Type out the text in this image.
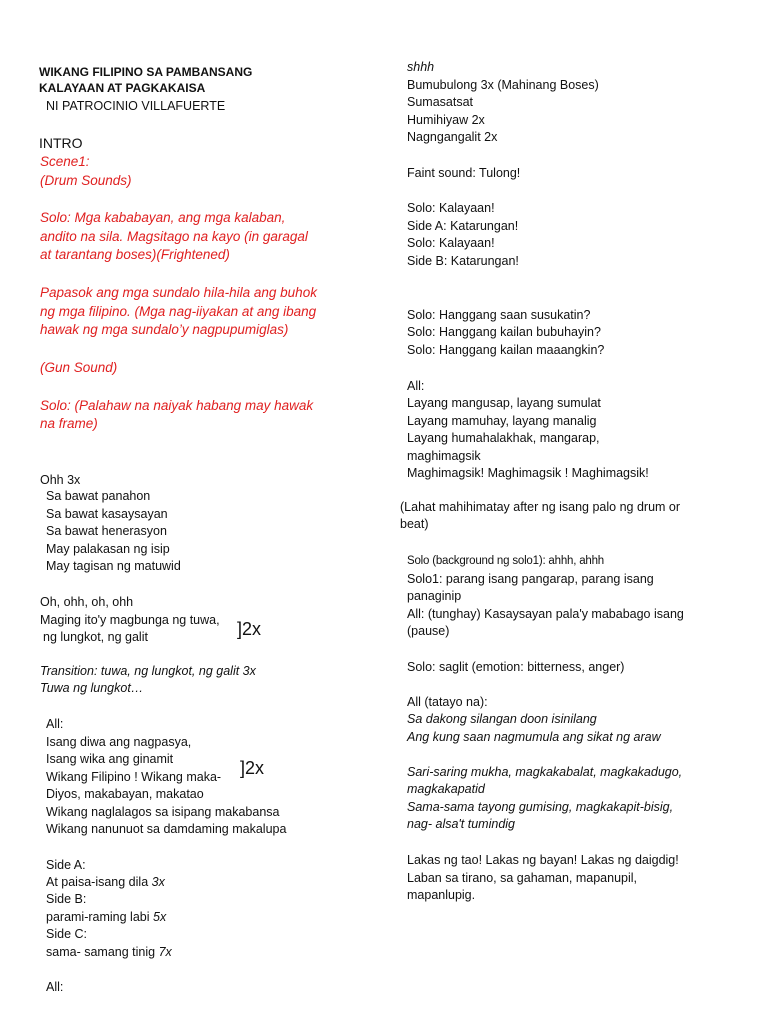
WIKANG FILIPINO SA PAMBANSANG
KALAYAAN AT PAGKAKAISA
NI PATROCINIO VILLAFUERTE
INTRO
Scene1:
(Drum Sounds)
Solo: Mga kababayan, ang mga kalaban,
andito na sila. Magsitago na kayo (in garagal
at tarantang boses)(Frightened)
Papasok ang mga sundalo hila-hila ang buhok
ng mga filipino. (Mga nag-iiyakan at ang ibang
hawak ng mga sundalo’y nagpupumiglas)
(Gun Sound)
Solo: (Palahaw na naiyak habang may hawak
na frame)
Ohh 3x
Sa bawat panahon
Sa bawat kasaysayan
Sa bawat henerasyon
May palakasan ng isip
May tagisan ng matuwid
Oh, ohh, oh, ohh
Maging ito'y magbunga ng tuwa,
ng lungkot, ng galit	]2x
Transition: tuwa, ng lungkot, ng galit 3x
Tuwa ng lungkot…
All:
Isang diwa ang nagpasya,
Isang wika ang ginamit
Wikang Filipino ! Wikang maka-
Diyos, makabayan, makatao
Wikang naglalagos sa isipang makabansa
Wikang nanunuot sa damdaming makalupa
]2x
Side A:
At paisa-isang dila 3x
Side B:
parami-raming labi 5x
Side C:
sama- samang tinig 7x
All:
shhh
Bumubulong 3x (Mahinang Boses)
Sumasatsat
Humihiyaw 2x
Nagngangalit 2x
Faint sound: Tulong!
Solo: Kalayaan!
Side A: Katarungan!
Solo: Kalayaan!
Side B: Katarungan!
Solo: Hanggang saan susukatin?
Solo: Hanggang kailan bubuhayin?
Solo: Hanggang kailan maaangkin?
All:
Layang mangusap, layang sumulat
Layang mamuhay, layang manalig
Layang humahalakhak, mangarap,
maghimagsik
Maghimagsik! Maghimagsik ! Maghimagsik!
(Lahat mahihimatay after ng isang palo ng drum or
beat)
Solo (background ng solo1): ahhh, ahhh
Solo1: parang isang pangarap, parang isang
panaginip
All: (tunghay) Kasaysayan pala'y mababago isang
(pause)
Solo: saglit (emotion: bitterness, anger)
All (tatayo na):
Sa dakong silangan doon isinilang
Ang kung saan nagmumula ang sikat ng araw
Sari-saring mukha, magkakabalat, magkakadugo,
magkakapatid
Sama-sama tayong gumising, magkakapit-bisig,
nag- alsa't tumindig
Lakas ng tao! Lakas ng bayan! Lakas ng daigdig!
Laban sa tirano, sa gahaman, mapanupil,
mapanlupig.
